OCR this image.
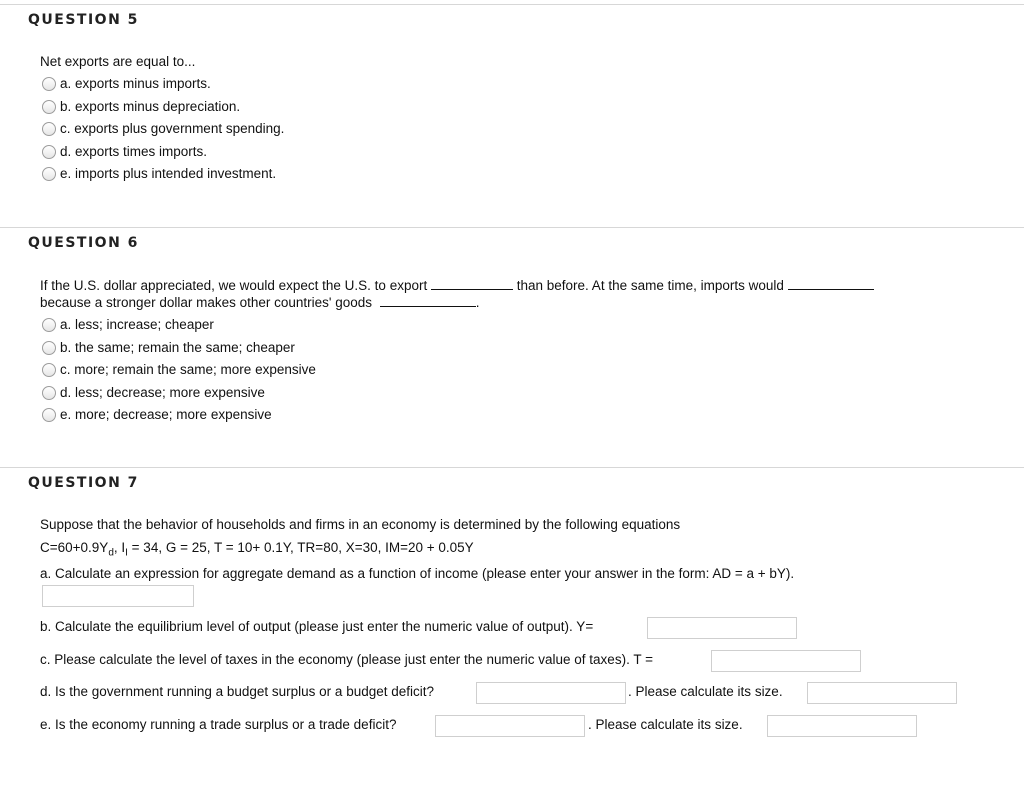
QUESTION 5
Net exports are equal to...
a. exports minus imports.
b. exports minus depreciation.
c. exports plus government spending.
d. exports times imports.
e. imports plus intended investment.
QUESTION 6
If the U.S. dollar appreciated, we would expect the U.S. to export	than before. At the same time, imports would
because a stronger dollar makes other countries' goods	.
a. less; increase; cheaper
b. the same; remain the same; cheaper
c. more; remain the same; more expensive
d. less; decrease; more expensive
e. more; decrease; more expensive
QUESTION 7
Suppose that the behavior of households and firms in an economy is determined by the following equations
$C=60+0.9Y_d$, $I_I = 34$, G = 25, T = 10+ 0.1Y, TR=80, X=30, IM=20 + 0.05Y
a. Calculate an expression for aggregate demand as a function of income (please enter your answer in the form: AD = a + bY).
b. Calculate the equilibrium level of output (please just enter the numeric value of output). Y=
c. Please calculate the level of taxes in the economy (please just enter the numeric value of taxes). T =
d. Is the government running a budget surplus or a budget deficit?	. Please calculate its size.
e. Is the economy running a trade surplus or a trade deficit?	. Please calculate its size.
